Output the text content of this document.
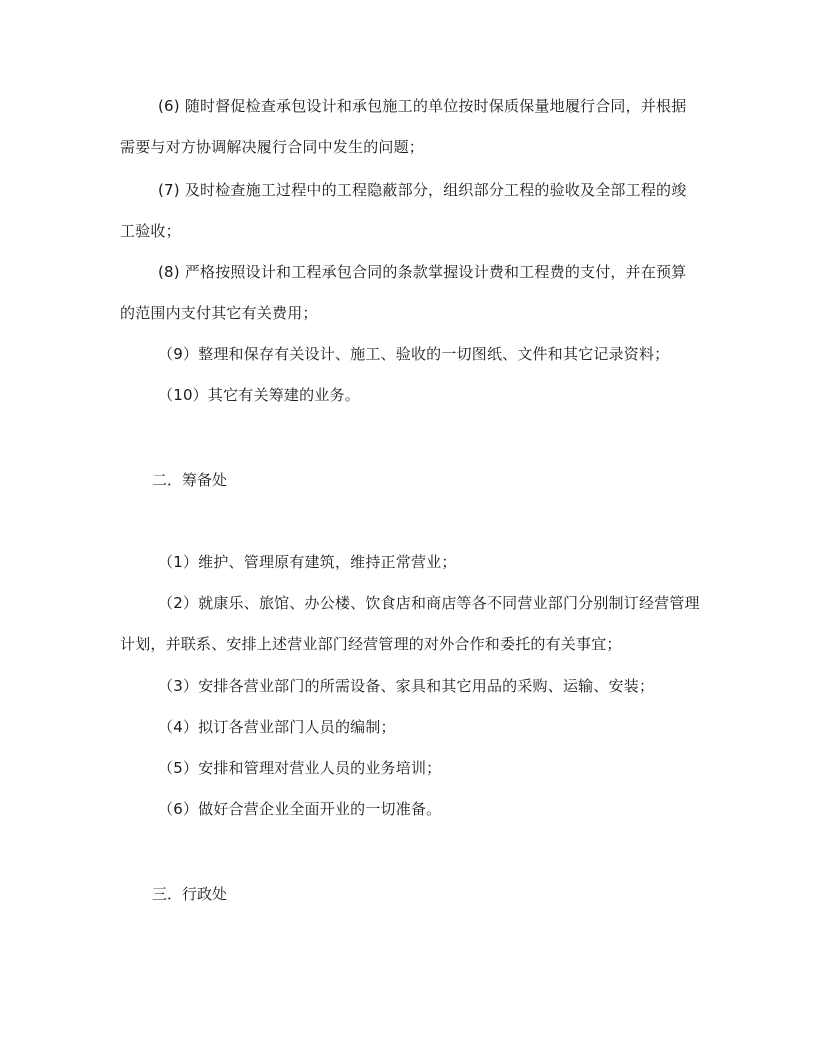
(6) 随时督促检查承包设计和承包施工的单位按时保质保量地履行合同，并根据需要与对方协调解决履行合同中发生的问题；

(7) 及时检查施工过程中的工程隐蔽部分，组织部分工程的验收及全部工程的竣工验收；

(8) 严格按照设计和工程承包合同的条款掌握设计费和工程费的支付，并在预算的范围内支付其它有关费用；

（9）整理和保存有关设计、施工、验收的一切图纸、文件和其它记录资料；

（10）其它有关筹建的业务。

二．筹备处

（1）维护、管理原有建筑，维持正常营业；

（2）就康乐、旅馆、办公楼、饮食店和商店等各不同营业部门分别制订经营管理计划，并联系、安排上述营业部门经营管理的对外合作和委托的有关事宜；

（3）安排各营业部门的所需设备、家具和其它用品的采购、运输、安装；

（4）拟订各营业部门人员的编制；

（5）安排和管理对营业人员的业务培训；

（6）做好合营企业全面开业的一切准备。

三．行政处
